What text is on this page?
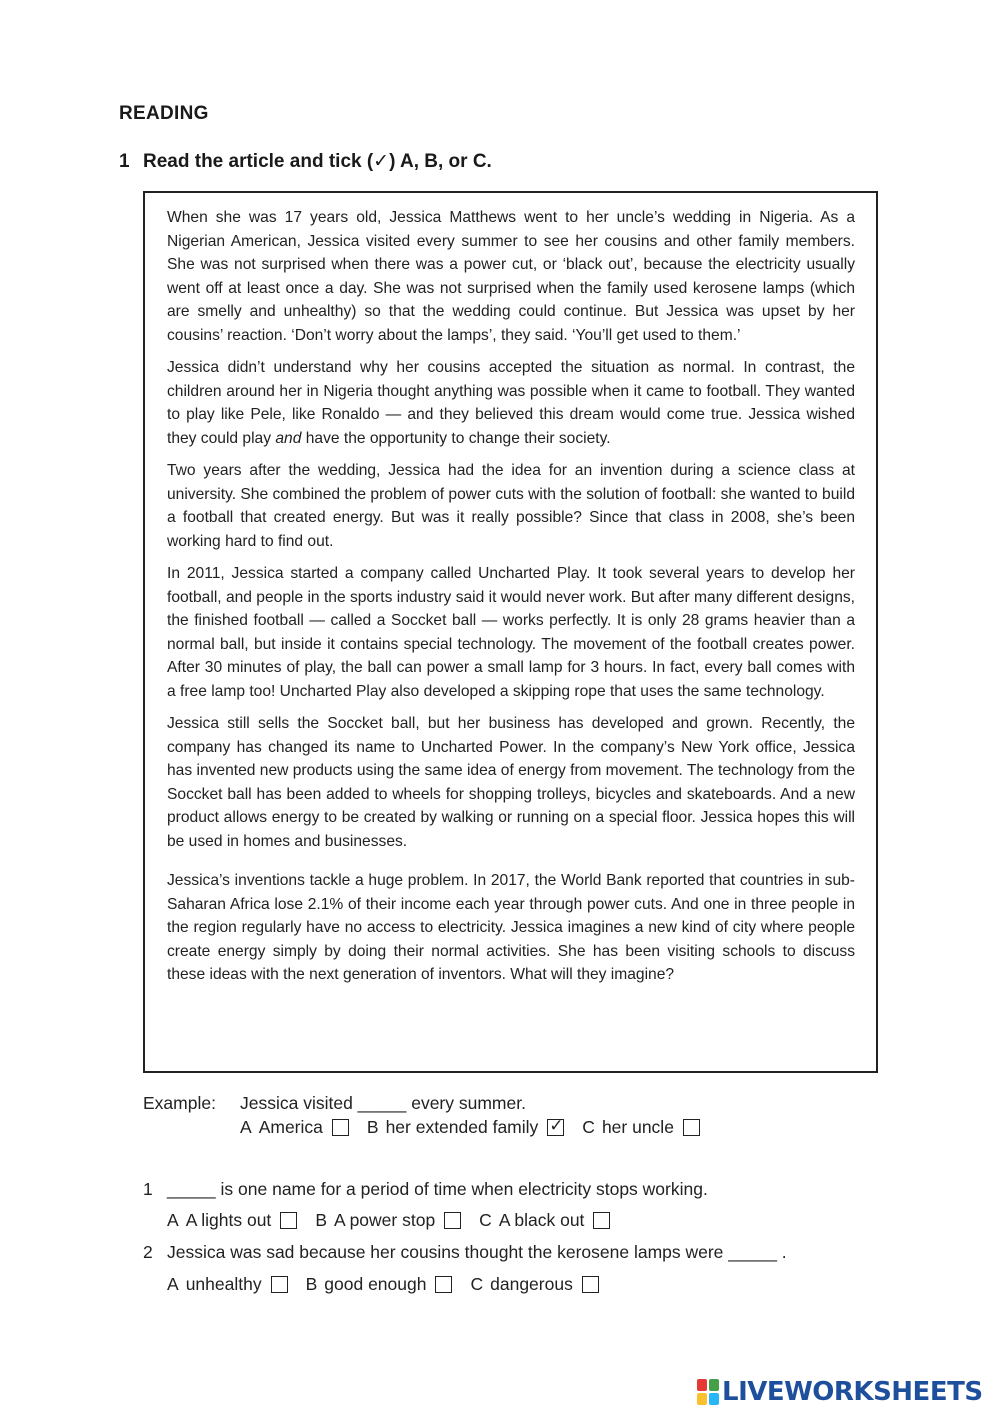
READING
1 Read the article and tick (✓) A, B, or C.

When she was 17 years old, Jessica Matthews went to her uncle’s wedding in Nigeria. As a Nigerian American, Jessica visited every summer to see her cousins and other family members. She was not surprised when there was a power cut, or ‘black out’, because the electricity usually went off at least once a day. She was not surprised when the family used kerosene lamps (which are smelly and unhealthy) so that the wedding could continue. But Jessica was upset by her cousins’ reaction. ‘Don’t worry about the lamps’, they said. ‘You’ll get used to them.’

Jessica didn’t understand why her cousins accepted the situation as normal. In contrast, the children around her in Nigeria thought anything was possible when it came to football. They wanted to play like Pele, like Ronaldo — and they believed this dream would come true. Jessica wished they could play and have the opportunity to change their society.

Two years after the wedding, Jessica had the idea for an invention during a science class at university. She combined the problem of power cuts with the solution of football: she wanted to build a football that created energy. But was it really possible? Since that class in 2008, she’s been working hard to find out.

In 2011, Jessica started a company called Uncharted Play. It took several years to develop her football, and people in the sports industry said it would never work. But after many different designs, the finished football — called a Soccket ball — works perfectly. It is only 28 grams heavier than a normal ball, but inside it contains special technology. The movement of the football creates power. After 30 minutes of play, the ball can power a small lamp for 3 hours. In fact, every ball comes with a free lamp too! Uncharted Play also developed a skipping rope that uses the same technology.

Jessica still sells the Soccket ball, but her business has developed and grown. Recently, the company has changed its name to Uncharted Power. In the company’s New York office, Jessica has invented new products using the same idea of energy from movement. The technology from the Soccket ball has been added to wheels for shopping trolleys, bicycles and skateboards. And a new product allows energy to be created by walking or running on a special floor. Jessica hopes this will be used in homes and businesses.

Jessica’s inventions tackle a huge problem. In 2017, the World Bank reported that countries in sub-Saharan Africa lose 2.1% of their income each year through power cuts. And one in three people in the region regularly have no access to electricity. Jessica imagines a new kind of city where people create energy simply by doing their normal activities. She has been visiting schools to discuss these ideas with the next generation of inventors. What will they imagine?

Example:	Jessica visited _____ every summer.
A America	B her extended family ✓ C her uncle
1 _____ is one name for a period of time when electricity stops working.
A A lights out	B A power stop	C A black out
2 Jessica was sad because her cousins thought the kerosene lamps were _____ .
A unhealthy	B good enough	C dangerous
LIVEWORKSHEETS
